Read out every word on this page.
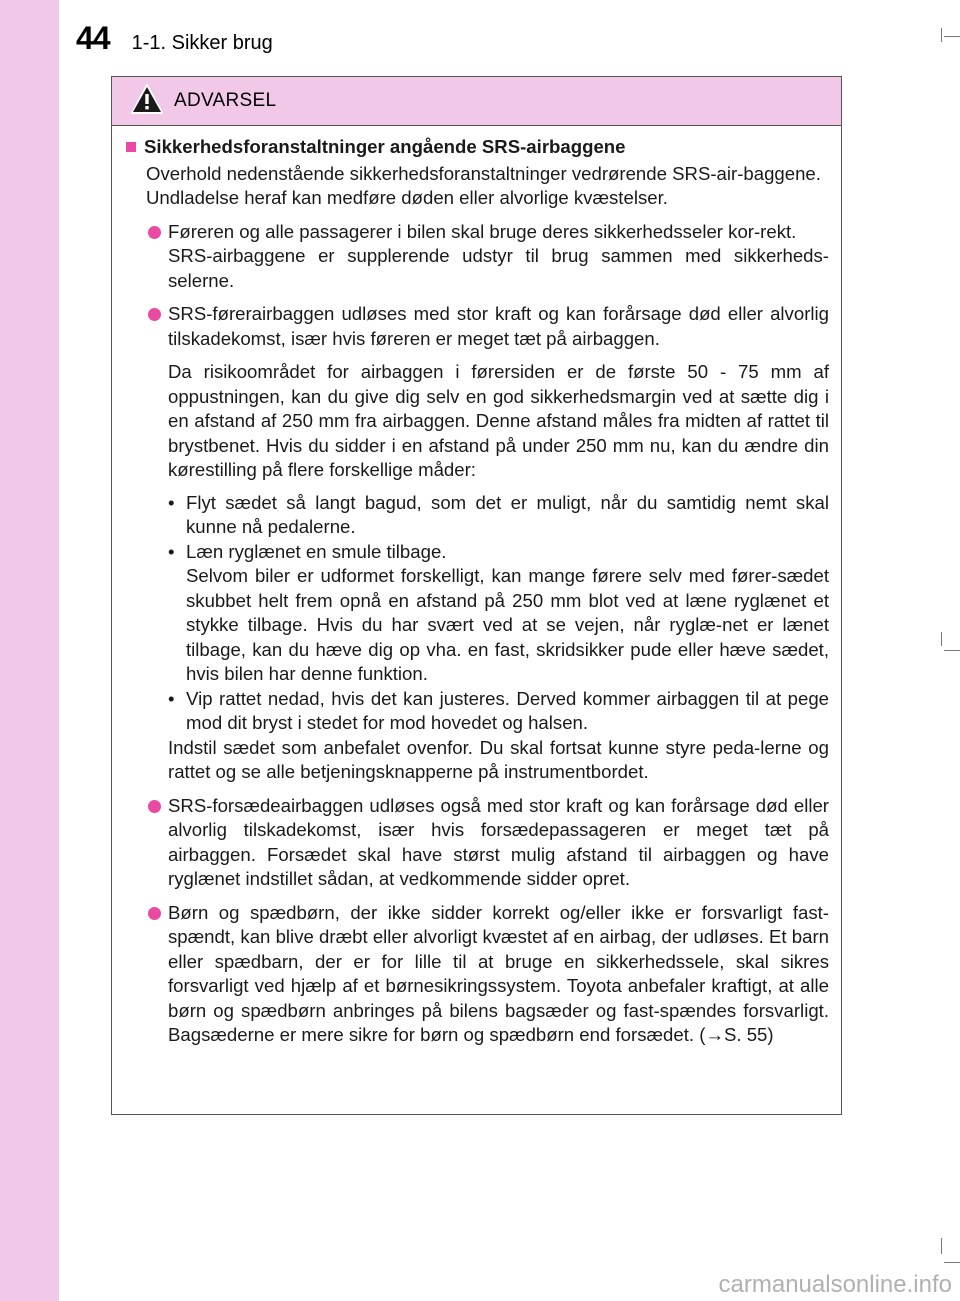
44 1-1. Sikker brug
ADVARSEL
Sikkerhedsforanstaltninger angående SRS-airbaggene
Overhold nedenstående sikkerhedsforanstaltninger vedrørende SRS-air-baggene.
Undladelse heraf kan medføre døden eller alvorlige kvæstelser.
Føreren og alle passagerer i bilen skal bruge deres sikkerhedsseler kor-rekt.
SRS-airbaggene er supplerende udstyr til brug sammen med sikkerheds-selerne.
SRS-førerairbaggen udløses med stor kraft og kan forårsage død eller alvorlig tilskadekomst, især hvis føreren er meget tæt på airbaggen.
Da risikoområdet for airbaggen i førersiden er de første 50 - 75 mm af oppustningen, kan du give dig selv en god sikkerhedsmargin ved at sætte dig i en afstand af 250 mm fra airbaggen. Denne afstand måles fra midten af rattet til brystbenet. Hvis du sidder i en afstand på under 250 mm nu, kan du ændre din kørestilling på flere forskellige måder:
• Flyt sædet så langt bagud, som det er muligt, når du samtidig nemt skal kunne nå pedalerne.
• Læn ryglænet en smule tilbage.
Selvom biler er udformet forskelligt, kan mange førere selv med fører-sædet skubbet helt frem opnå en afstand på 250 mm blot ved at læne ryglænet et stykke tilbage. Hvis du har svært ved at se vejen, når ryglæ-net er lænet tilbage, kan du hæve dig op vha. en fast, skridsikker pude eller hæve sædet, hvis bilen har denne funktion.
• Vip rattet nedad, hvis det kan justeres. Derved kommer airbaggen til at pege mod dit bryst i stedet for mod hovedet og halsen.
Indstil sædet som anbefalet ovenfor. Du skal fortsat kunne styre peda-lerne og rattet og se alle betjeningsknapperne på instrumentbordet.
SRS-forsædeairbaggen udløses også med stor kraft og kan forårsage død eller alvorlig tilskadekomst, især hvis forsædepassageren er meget tæt på airbaggen. Forsædet skal have størst mulig afstand til airbaggen og have ryglænet indstillet sådan, at vedkommende sidder opret.
Børn og spædbørn, der ikke sidder korrekt og/eller ikke er forsvarligt fast-spændt, kan blive dræbt eller alvorligt kvæstet af en airbag, der udløses. Et barn eller spædbarn, der er for lille til at bruge en sikkerhedssele, skal sikres forsvarligt ved hjælp af et børnesikringssystem. Toyota anbefaler kraftigt, at alle børn og spædbørn anbringes på bilens bagsæder og fast-spændes forsvarligt. Bagsæderne er mere sikre for børn og spædbørn end forsædet. (→S. 55)
carmanualsonline.info
